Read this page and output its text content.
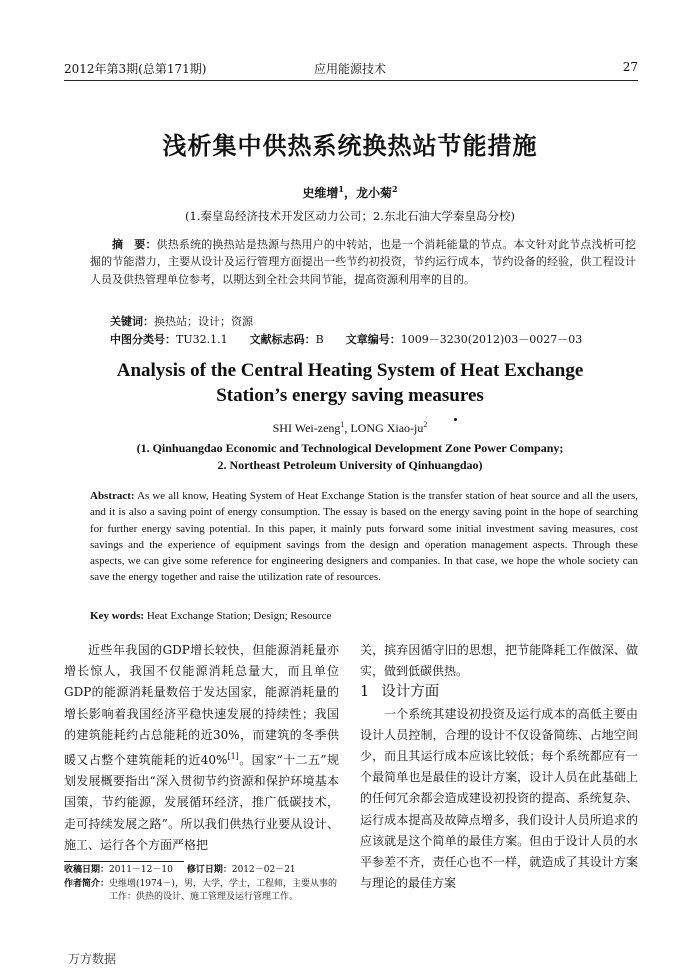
2012年第3期(总第171期)	应用能源技术	27
浅析集中供热系统换热站节能措施
史维增$^1$，龙小菊$^2$
(1.秦皇岛经济技术开发区动力公司；2.东北石油大学秦皇岛分校)
摘　要：供热系统的换热站是热源与热用户的中转站，也是一个消耗能量的节点。本文针对此节点浅析可挖掘的节能潜力，主要从设计及运行管理方面提出一些节约初投资，节约运行成本，节约设备的经验，供工程设计人员及供热管理单位参考，以期达到全社会共同节能，提高资源利用率的目的。
关键词：换热站；设计；资源
中图分类号：TU32.1.1 文献标志码：B 文章编号：1009－3230(2012)03－0027－03
Analysis of the Central Heating System of Heat Exchange
Station’s energy saving measures
SHI Wei-zeng$^1$, LONG Xiao-$ju^2$
(1. Qinhuangdao Economic and Technological Development Zone Power Company;
2. Northeast Petroleum University of Qinhuangdao)
Abstract: As we all know, Heating System of Heat Exchange Station is the transfer station of heat source and all the users, and it is also a saving point of energy consumption. The essay is based on the energy saving point in the hope of searching for further energy saving potential. In this paper, it mainly puts forward some initial investment saving measures, cost savings and the experience of equipment savings from the design and operation management aspects. Through these aspects, we can give some reference for engineering designers and companies. In that case, we hope the whole society can save the energy together and raise the utilization rate of resources.
Key words: Heat Exchange Station; Design; Resource

近些年我国的GDP增长较快，但能源消耗量亦增长惊人，我国不仅能源消耗总量大，而且单位GDP的能源消耗量数倍于发达国家，能源消耗量的增长影响着我国经济平稳快速发展的持续性；我国的建筑能耗约占总能耗的近30%，而建筑的冬季供暖又占整个建筑能耗的近40%[1]。国家“十二五”规划发展概要指出“深入贯彻节约资源和保护环境基本国策，节约能源，发展循环经济，推广低碳技术，走可持续发展之路”。所以我们供热行业要从设计、施工、运行各个方面严格把

关，摈弃因循守旧的思想，把节能降耗工作做深、做实，做到低碳供热。

1 设计方面

一个系统其建设初投资及运行成本的高低主要由设计人员控制，合理的设计不仅设备简练、占地空间少，而且其运行成本应该比较低；每个系统都应有一个最简单也是最佳的设计方案，设计人员在此基础上的任何冗余都会造成建设初投资的提高、系统复杂、运行成本提高及故障点增多，我们设计人员所追求的应该就是这个简单的最佳方案。但由于设计人员的水平参差不齐，责任心也不一样，就造成了其设计方案与理论的最佳方案

收稿日期：2011－12－10 修订日期：2012－02－21
作者简介： 史维增(1974－)，男，大学，学士，工程师，主要从事的工作：供热的设计、施工管理及运行管理工作。
万方数据
